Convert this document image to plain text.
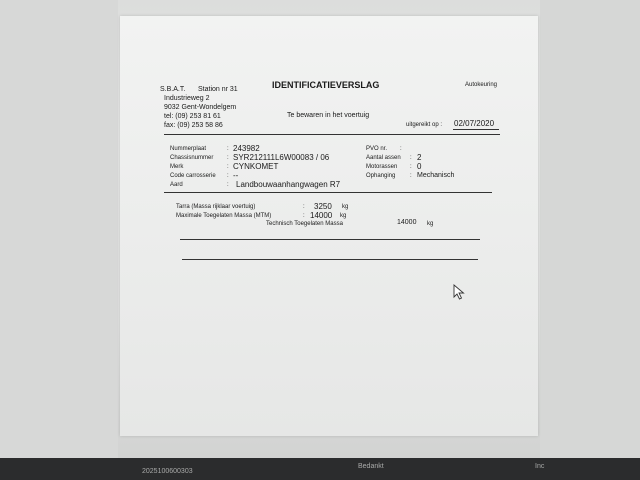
S.B.A.T. Station nr 31	IDENTIFICATIEVERSLAG	Autokeuring
Industrieweg 2
9032 Gent-Wondelgem
tel: (09) 253 81 61
fax: (09) 253 58 86
Te bewaren in het voertuig
uitgereikt op : 02/07/2020
Nummerplaat	: 243982
Chassisnummer : SYR212111L6W00083 / 06
Merk	: CYNKOMET
Code carrosserie : --
Aard	: Landbouwaanhangwagen R7
PVO nr. :
Aantal assen : 2
Motorassen : 0
Ophanging : Mechanisch
Tarra (Massa rijklaar voertuig)	: 3250 kg
Maximale Toegelaten Massa (MTM)	: 14000 kg
Technisch Toegelaten Massa	14000 kg
2025100600303
Bedankt	Inc
